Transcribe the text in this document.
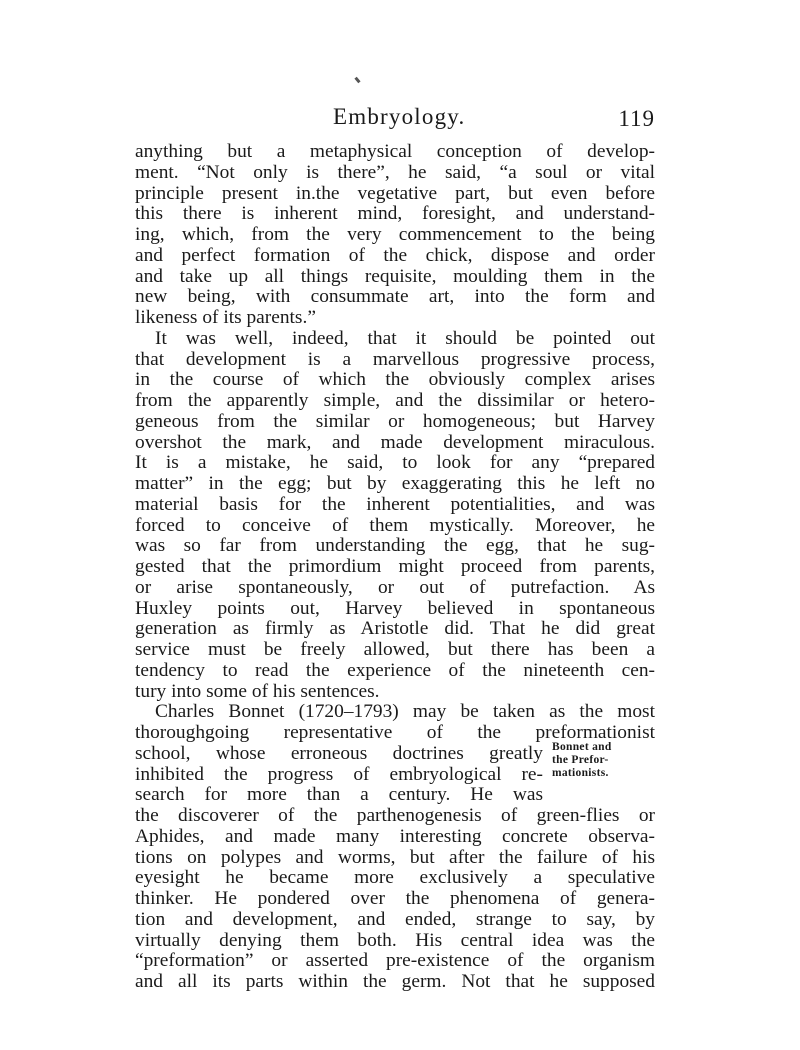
Embryology.	119
anything but a metaphysical conception of develop-
ment. “Not only is there”, he said, “a soul or vital
principle present in.the vegetative part, but even before
this there is inherent mind, foresight, and understand-
ing, which, from the very commencement to the being
and perfect formation of the chick, dispose and order
and take up all things requisite, moulding them in the
new being, with consummate art, into the form and
likeness of its parents.”
It was well, indeed, that it should be pointed out
that development is a marvellous progressive process,
in the course of which the obviously complex arises
from the apparently simple, and the dissimilar or hetero-
geneous from the similar or homogeneous; but Harvey
overshot the mark, and made development miraculous.
It is a mistake, he said, to look for any “prepared
matter” in the egg; but by exaggerating this he left no
material basis for the inherent potentialities, and was
forced to conceive of them mystically. Moreover, he
was so far from understanding the egg, that he sug-
gested that the primordium might proceed from parents,
or arise spontaneously, or out of putrefaction. As
Huxley points out, Harvey believed in spontaneous
generation as firmly as Aristotle did. That he did great
service must be freely allowed, but there has been a
tendency to read the experience of the nineteenth cen-
tury into some of his sentences.
Charles Bonnet (1720–1793) may be taken as the most
thoroughgoing representative of the preformationist
school, whose erroneous doctrines greatly
inhibited the progress of embryological re-
search for more than a century. He was
the discoverer of the parthenogenesis of green-flies or
Aphides, and made many interesting concrete observa-
tions on polypes and worms, but after the failure of his
eyesight he became more exclusively a speculative
thinker. He pondered over the phenomena of genera-
tion and development, and ended, strange to say, by
virtually denying them both. His central idea was the
“preformation” or asserted pre-existence of the organism
and all its parts within the germ. Not that he supposed
Bonnet and
the Prefor-
mationists.
